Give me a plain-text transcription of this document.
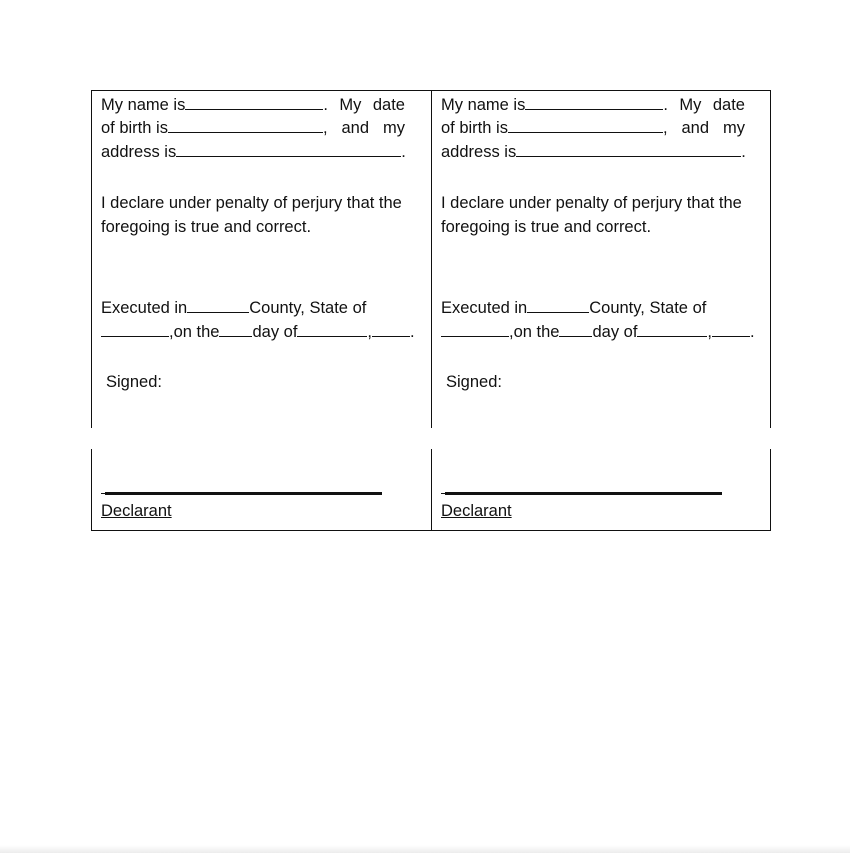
My name is	. My date
of birth is	, and my
address is	.
I declare under penalty of perjury that the
foregoing is true and correct.
Executed in	County, State of
,on the day of	, .
Signed:
My name is	. My date
of birth is	, and my
address is	.
I declare under penalty of perjury that the
foregoing is true and correct.
Executed in	County, State of
,on the day of	, .
Signed:
Declarant	Declarant
